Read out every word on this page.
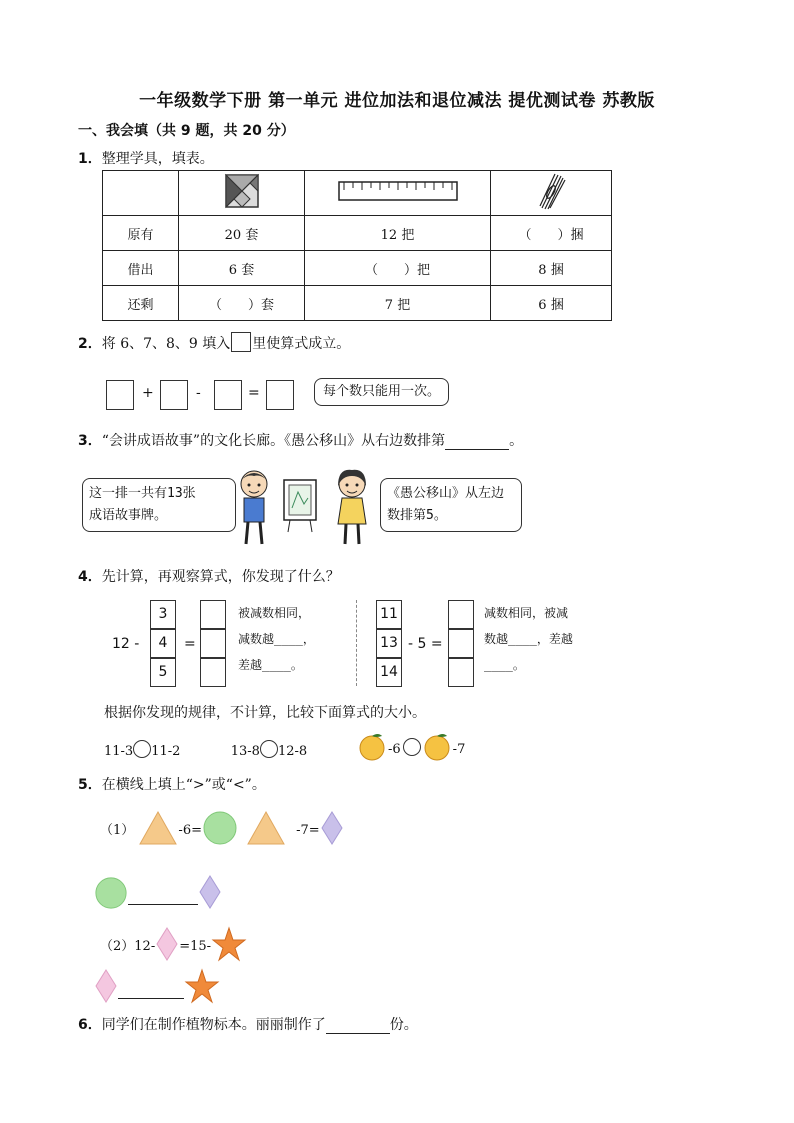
一年级数学下册 第一单元 进位加法和退位减法 提优测试卷 苏教版
一、我会填（共 9 题，共 20 分）
1．整理学具，填表。

原有	20 套	12 把	（　　）捆
借出	6 套	（　　）把	8 捆
还剩	（　　）套	7 把	6 捆
2．将 6、7、8、9 填入 里使算式成立。
+	-	=	每个数只能用一次。
3．“会讲成语故事”的文化长廊。《愚公移山》从右边数排第	。
这一排一共有13张
成语故事牌。
《愚公移山》从左边
数排第5。
4．先计算，再观察算式，你发现了什么？
12 -
3
4
5
=
被减数相同，
减数越____，
差越____。
11
13
14
- 5 =
减数相同，被减
数越____，差越
____。
根据你发现的规律，不计算，比较下面算式的大小。
11-3 11-2	13-8 12-8	-6	-7
5．在横线上填上“>”或“<”。
（1）	-6=	-7=

（2）12- =15-

6．同学们在制作植物标本。丽丽制作了	份。
